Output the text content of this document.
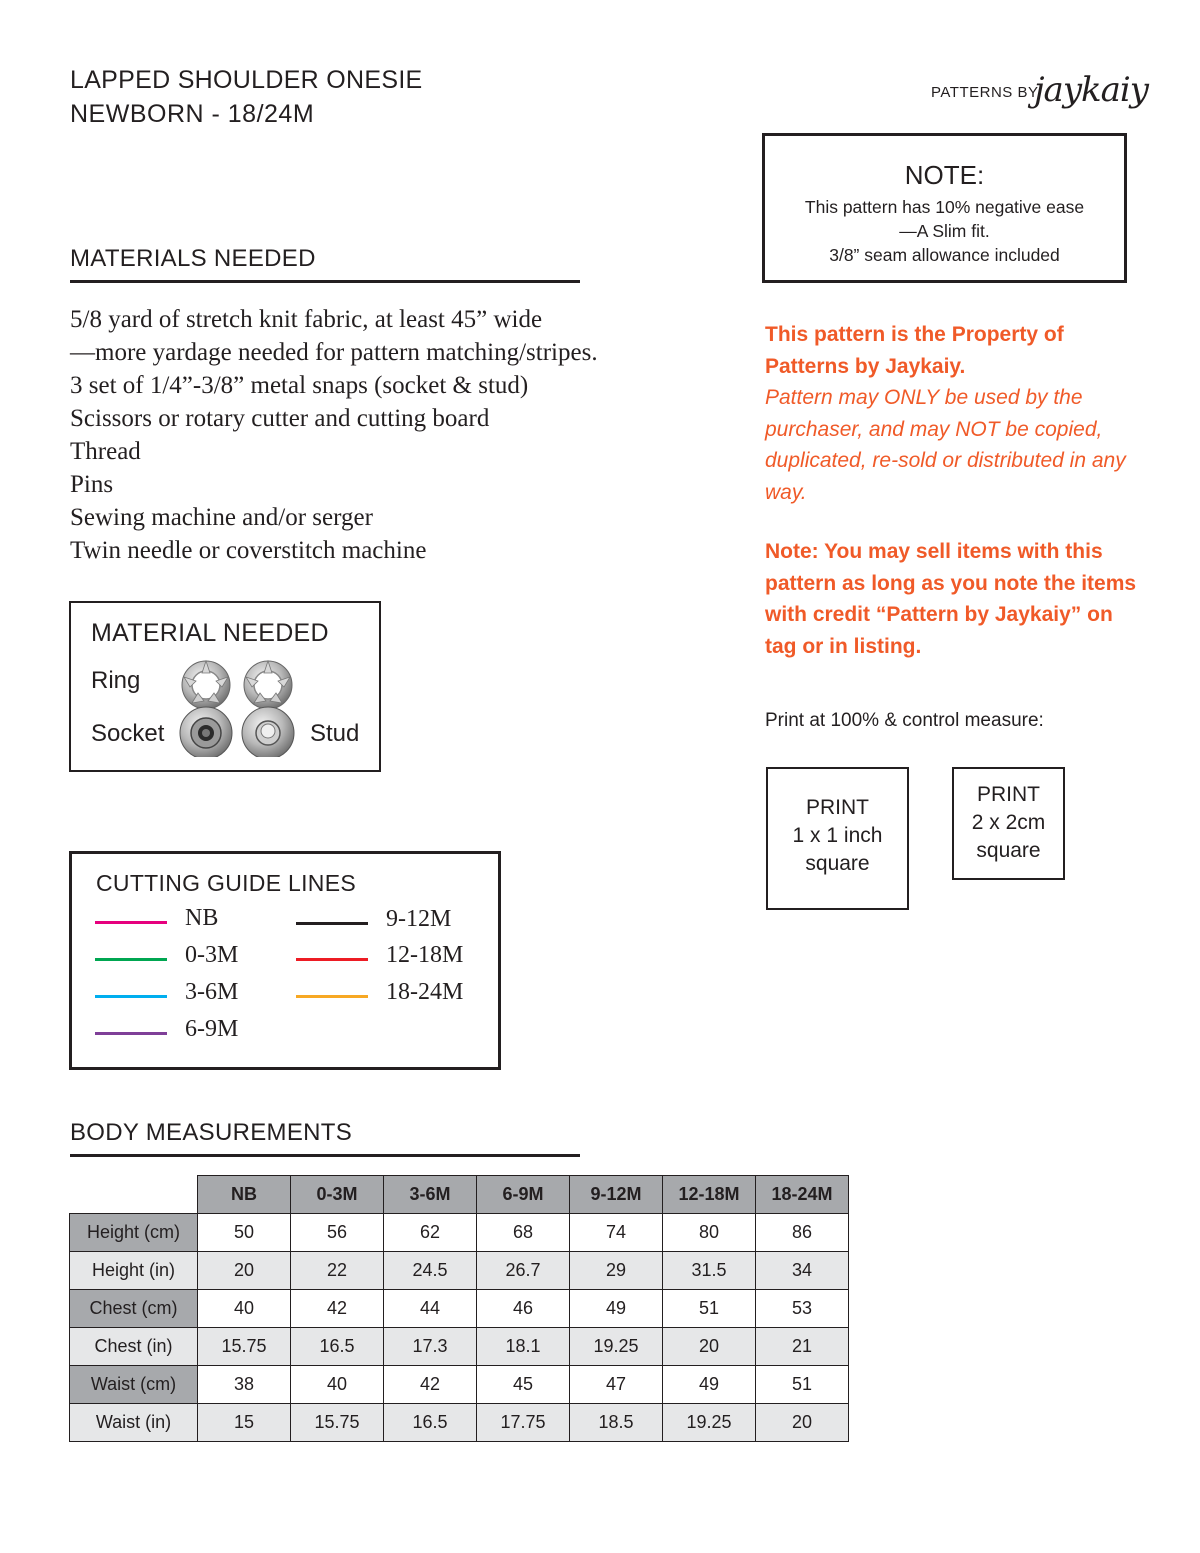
LAPPED SHOULDER ONESIE
NEWBORN - 18/24M
PATTERNS BY
jaykaiy
NOTE:
This pattern has 10% negative ease
—A Slim fit.
3/8” seam allowance included
MATERIALS NEEDED
5/8 yard of stretch knit fabric, at least 45” wide
—more yardage needed for pattern matching/stripes.
3 set of 1/4”-3/8” metal snaps (socket & stud)
Scissors or rotary cutter and cutting board
Thread
Pins
Sewing machine and/or serger
Twin needle or coverstitch machine
MATERIAL NEEDED
Ring
Socket	Stud
CUTTING GUIDE LINES
NB
0-3M
3-6M
6-9M
9-12M
12-18M
18-24M
This pattern is the Property of Patterns by Jaykaiy.
Pattern may ONLY be used by the purchaser, and may NOT be copied, duplicated, re-sold or distributed in any way.
Note: You may sell items with this pattern as long as you note the items with credit “Pattern by Jaykaiy” on tag or in listing.
Print at 100% & control measure:
PRINT
1 x 1 inch
square
PRINT
2 x 2cm
square
BODY MEASUREMENTS
	NB	0-3M	3-6M	6-9M	9-12M	12-18M	18-24M
Height (cm)	50	56	62	68	74	80	86
Height (in)	20	22	24.5	26.7	29	31.5	34
Chest (cm)	40	42	44	46	49	51	53
Chest (in)	15.75	16.5	17.3	18.1	19.25	20	21
Waist (cm)	38	40	42	45	47	49	51
Waist (in)	15	15.75	16.5	17.75	18.5	19.25	20
